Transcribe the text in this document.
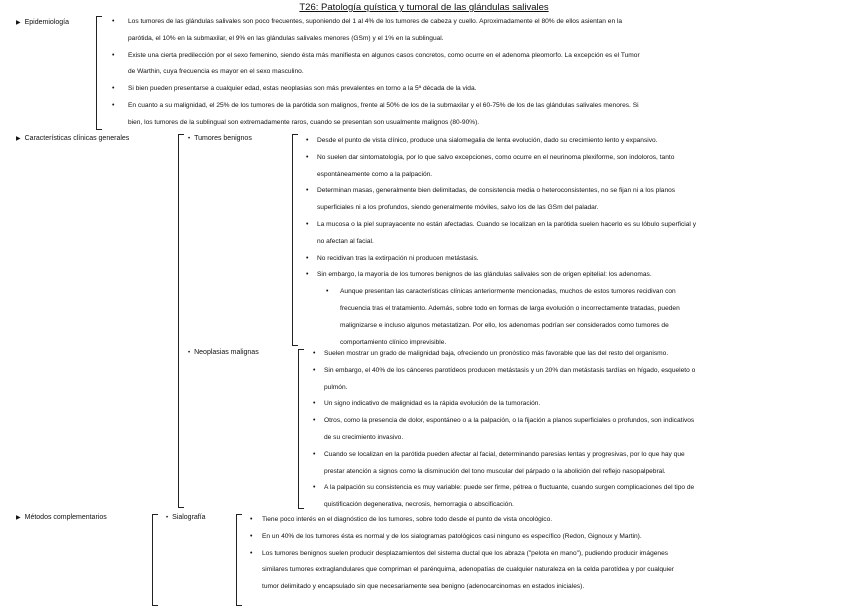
T26: Patología quística y tumoral de las glándulas salivales
▶ Epidemiología	• Los tumores de las glándulas salivales son poco frecuentes, suponiendo del 1 al 4% de los tumores de cabeza y cuello. Aproximadamente el 80% de ellos asientan en la
parótida, el 10% en la submaxilar, el 9% en las glándulas salivales menores (GSm) y el 1% en la sublingual.
• Existe una cierta predilección por el sexo femenino, siendo ésta más manifiesta en algunos casos concretos, como ocurre en el adenoma pleomorfo. La excepción es el Tumor
de Warthin, cuya frecuencia es mayor en el sexo masculino.
• Si bien pueden presentarse a cualquier edad, estas neoplasias son más prevalentes en torno a la 5ª década de la vida.
• En cuanto a su malignidad, el 25% de los tumores de la parótida son malignos, frente al 50% de los de la submaxilar y el 60-75% de los de las glándulas salivales menores. Si
bien, los tumores de la sublingual son extremadamente raros, cuando se presentan son usualmente malignos (80-90%).
▶ Características clínicas generales	• Tumores benignos	• Desde el punto de vista clínico, produce una sialomegalia de lenta evolución, dado su crecimiento lento y expansivo.
• No suelen dar sintomatología, por lo que salvo excepciones, como ocurre en el neurinoma plexiforme, son indoloros, tanto
espontáneamente como a la palpación.
• Determinan masas, generalmente bien delimitadas, de consistencia media o heteroconsistentes, no se fijan ni a los planos
superficiales ni a los profundos, siendo generalmente móviles, salvo los de las GSm del paladar.
• La mucosa o la piel suprayacente no están afectadas. Cuando se localizan en la parótida suelen hacerlo es su lóbulo superficial y
no afectan al facial.
• No recidivan tras la extirpación ni producen metástasis.
• Sin embargo, la mayoría de los tumores benignos de las glándulas salivales son de origen epitelial: los adenomas.
• Aunque presentan las características clínicas anteriormente mencionadas, muchos de estos tumores recidivan con
frecuencia tras el tratamiento. Además, sobre todo en formas de larga evolución o incorrectamente tratadas, pueden
malignizarse e incluso algunos metastatizan. Por ello, los adenomas podrían ser considerados como tumores de
comportamiento clínico imprevisible.
• Neoplasias malignas	• Suelen mostrar un grado de malignidad baja, ofreciendo un pronóstico más favorable que las del resto del organismo.
• Sin embargo, el 40% de los cánceres parotídeos producen metástasis y un 20% dan metástasis tardías en hígado, esqueleto o
pulmón.
• Un signo indicativo de malignidad es la rápida evolución de la tumoración.
• Otros, como la presencia de dolor, espontáneo o a la palpación, o la fijación a planos superficiales o profundos, son indicativos
de su crecimiento invasivo.
• Cuando se localizan en la parótida pueden afectar al facial, determinando paresias lentas y progresivas, por lo que hay que
prestar atención a signos como la disminución del tono muscular del párpado o la abolición del reflejo nasopalpebral.
• A la palpación su consistencia es muy variable: puede ser firme, pétrea o fluctuante, cuando surgen complicaciones del tipo de
quistificación degenerativa, necrosis, hemorragia o abscificación.
▶ Métodos complementarios	• Sialografía	• Tiene poco interés en el diagnóstico de los tumores, sobre todo desde el punto de vista oncológico.
• En un 40% de los tumores ésta es normal y de los sialogramas patológicos casi ninguno es específico (Redon, Gignoux y Martin).
• Los tumores benignos suelen producir desplazamientos del sistema ductal que los abraza ("pelota en mano"), pudiendo producir imágenes
similares tumores extraglandulares que compriman el parénquima, adenopatías de cualquier naturaleza en la celda parotídea y por cualquier
tumor delimitado y encapsulado sin que necesariamente sea benigno (adenocarcinomas en estados iniciales).
